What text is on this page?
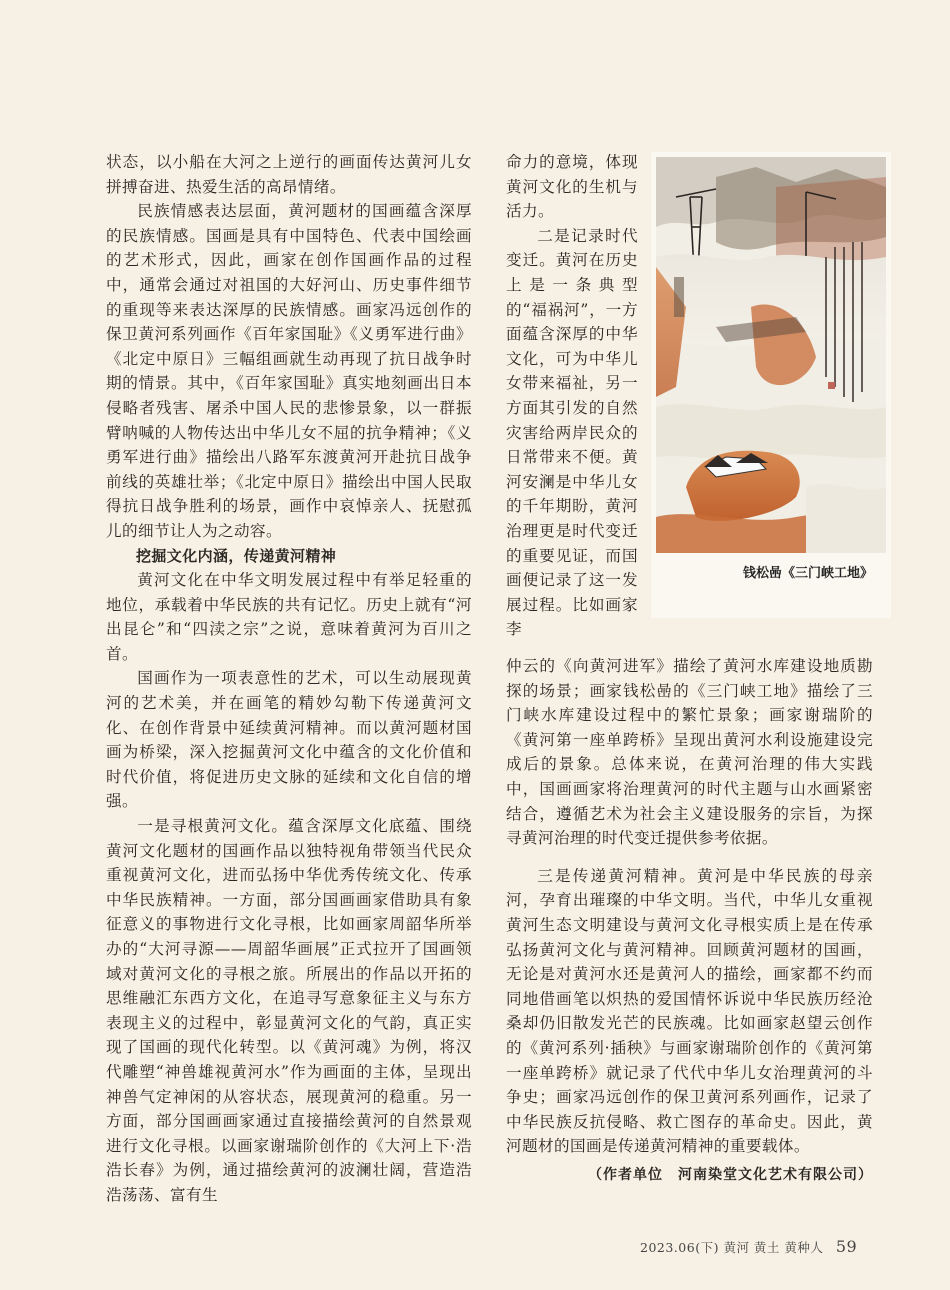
状态，以小船在大河之上逆行的画面传达黄河儿女拼搏奋进、热爱生活的高昂情绪。

民族情感表达层面，黄河题材的国画蕴含深厚的民族情感。国画是具有中国特色、代表中国绘画的艺术形式，因此，画家在创作国画作品的过程中，通常会通过对祖国的大好河山、历史事件细节的重现等来表达深厚的民族情感。画家冯远创作的保卫黄河系列画作《百年家国耻》《义勇军进行曲》《北定中原日》三幅组画就生动再现了抗日战争时期的情景。其中，《百年家国耻》真实地刻画出日本侵略者残害、屠杀中国人民的悲惨景象，以一群振臂呐喊的人物传达出中华儿女不屈的抗争精神；《义勇军进行曲》描绘出八路军东渡黄河开赴抗日战争前线的英雄壮举；《北定中原日》描绘出中国人民取得抗日战争胜利的场景，画作中哀悼亲人、抚慰孤儿的细节让人为之动容。

挖掘文化内涵，传递黄河精神

黄河文化在中华文明发展过程中有举足轻重的地位，承载着中华民族的共有记忆。历史上就有“河出昆仑”和“四渎之宗”之说，意味着黄河为百川之首。

国画作为一项表意性的艺术，可以生动展现黄河的艺术美，并在画笔的精妙勾勒下传递黄河文化、在创作背景中延续黄河精神。而以黄河题材国画为桥梁，深入挖掘黄河文化中蕴含的文化价值和时代价值，将促进历史文脉的延续和文化自信的增强。

一是寻根黄河文化。蕴含深厚文化底蕴、围绕黄河文化题材的国画作品以独特视角带领当代民众重视黄河文化，进而弘扬中华优秀传统文化、传承中华民族精神。一方面，部分国画画家借助具有象征意义的事物进行文化寻根，比如画家周韶华所举办的“大河寻源——周韶华画展”正式拉开了国画领域对黄河文化的寻根之旅。所展出的作品以开拓的思维融汇东西方文化，在追寻写意象征主义与东方表现主义的过程中，彰显黄河文化的气韵，真正实现了国画的现代化转型。以《黄河魂》为例，将汉代雕塑“神兽雄视黄河水”作为画面的主体，呈现出神兽气定神闲的从容状态，展现黄河的稳重。另一方面，部分国画画家通过直接描绘黄河的自然景观进行文化寻根。以画家谢瑞阶创作的《大河上下·浩浩长春》为例，通过描绘黄河的波澜壮阔，营造浩浩荡荡、富有生

命力的意境，体现黄河文化的生机与活力。

二是记录时代变迁。黄河在历史上是一条典型的“福祸河”，一方面蕴含深厚的中华文化，可为中华儿女带来福祉，另一方面其引发的自然灾害给两岸民众的日常带来不便。黄河安澜是中华儿女的千年期盼，黄河治理更是时代变迁的重要见证，而国画便记录了这一发展过程。比如画家李

钱松喦《三门峡工地》

仲云的《向黄河进军》描绘了黄河水库建设地质勘探的场景；画家钱松喦的《三门峡工地》描绘了三门峡水库建设过程中的繁忙景象；画家谢瑞阶的《黄河第一座单跨桥》呈现出黄河水利设施建设完成后的景象。总体来说，在黄河治理的伟大实践中，国画画家将治理黄河的时代主题与山水画紧密结合，遵循艺术为社会主义建设服务的宗旨，为探寻黄河治理的时代变迁提供参考依据。

三是传递黄河精神。黄河是中华民族的母亲河，孕育出璀璨的中华文明。当代，中华儿女重视黄河生态文明建设与黄河文化寻根实质上是在传承弘扬黄河文化与黄河精神。回顾黄河题材的国画，无论是对黄河水还是黄河人的描绘，画家都不约而同地借画笔以炽热的爱国情怀诉说中华民族历经沧桑却仍旧散发光芒的民族魂。比如画家赵望云创作的《黄河系列·插秧》与画家谢瑞阶创作的《黄河第一座单跨桥》就记录了代代中华儿女治理黄河的斗争史；画家冯远创作的保卫黄河系列画作，记录了中华民族反抗侵略、救亡图存的革命史。因此，黄河题材的国画是传递黄河精神的重要载体。

（作者单位　河南染堂文化艺术有限公司）

2023.06(下) 黄河 黄土 黄种人 59
